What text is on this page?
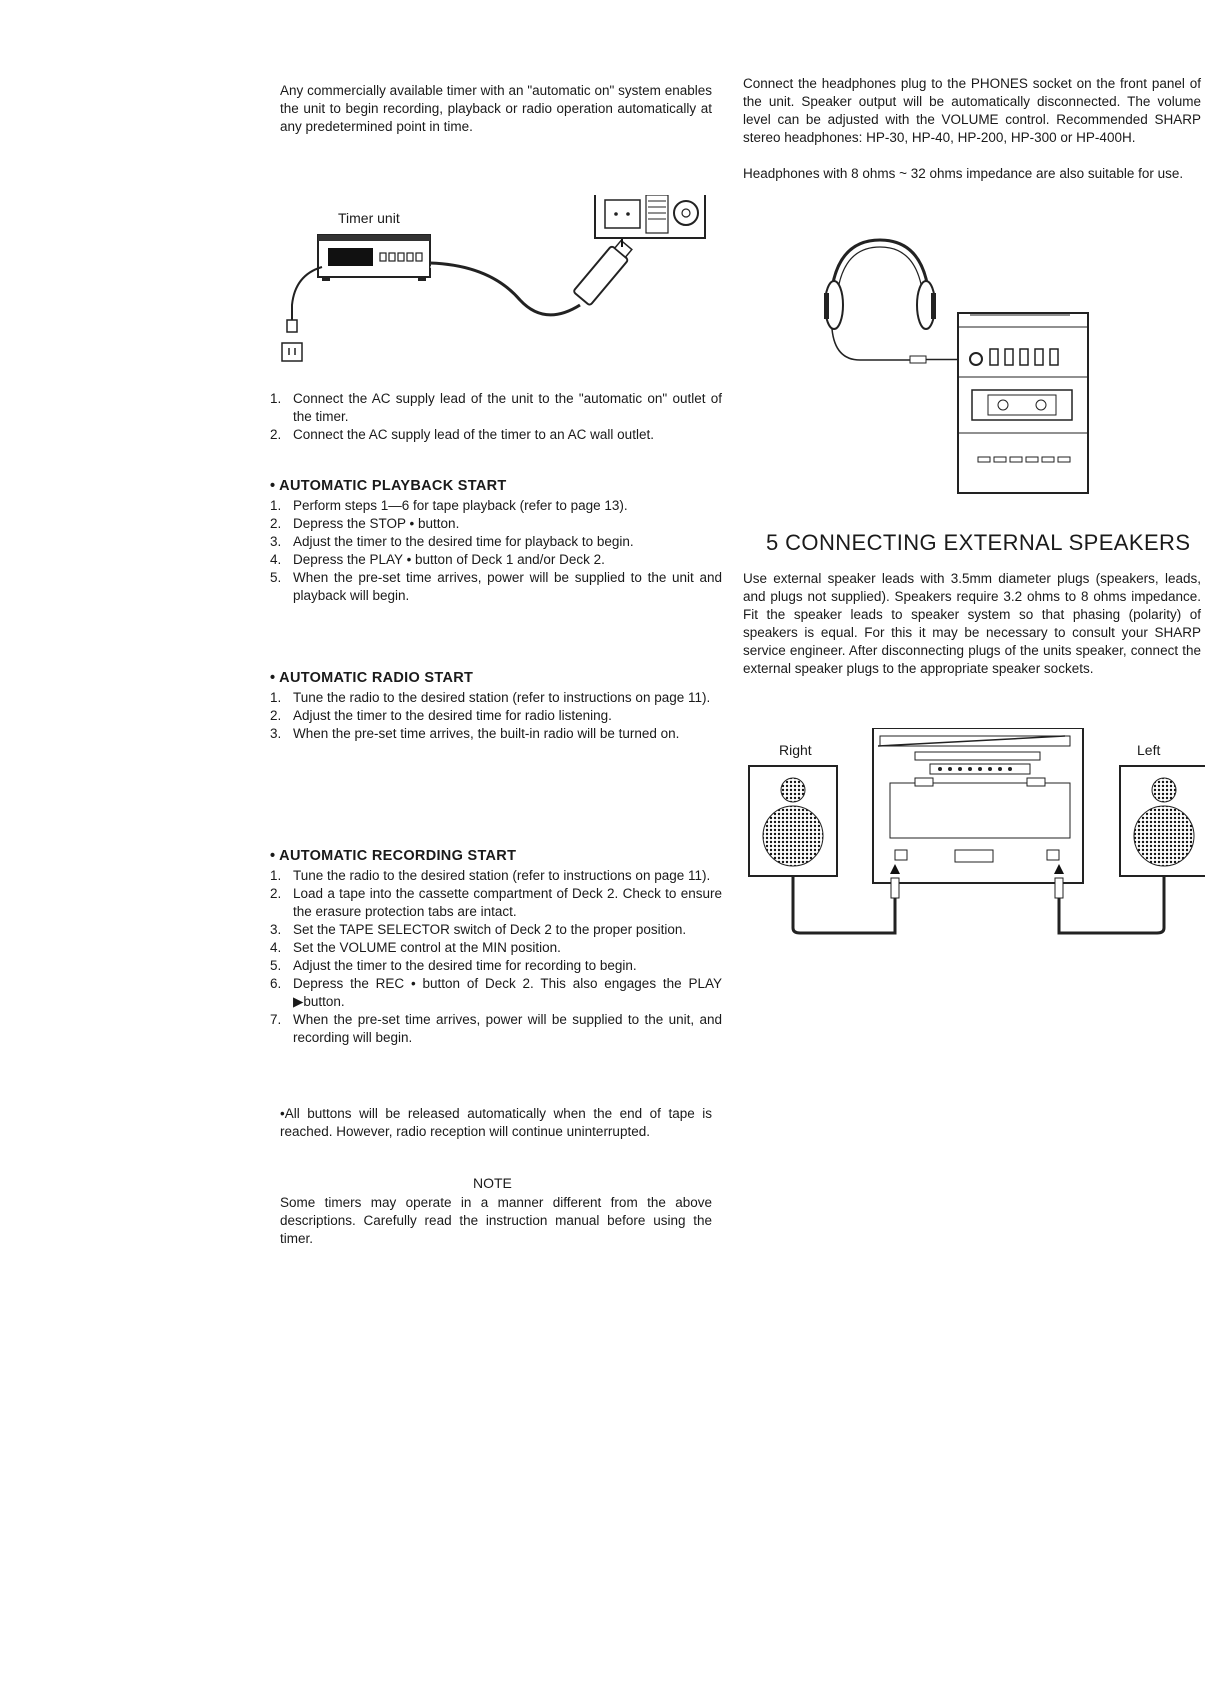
Any commercially available timer with an "automatic on" system enables the unit to begin recording, playback or radio operation automatically at any predetermined point in time.
Timer unit
1. Connect the AC supply lead of the unit to the "automatic on" outlet of the timer.
2. Connect the AC supply lead of the timer to an AC wall outlet.
• AUTOMATIC PLAYBACK START
1. Perform steps 1—6 for tape playback (refer to page 13).
2. Depress the STOP • button.
3. Adjust the timer to the desired time for playback to begin.
4. Depress the PLAY • button of Deck 1 and/or Deck 2.
5. When the pre-set time arrives, power will be supplied to the unit and playback will begin.
• AUTOMATIC RADIO START
1. Tune the radio to the desired station (refer to instructions on page 11).
2. Adjust the timer to the desired time for radio listening.
3. When the pre-set time arrives, the built-in radio will be turned on.
• AUTOMATIC RECORDING START
1. Tune the radio to the desired station (refer to instructions on page 11).
2. Load a tape into the cassette compartment of Deck 2. Check to ensure the erasure protection tabs are intact.
3. Set the TAPE SELECTOR switch of Deck 2 to the proper position.
4. Set the VOLUME control at the MIN position.
5. Adjust the timer to the desired time for recording to begin.
6. Depress the REC • button of Deck 2. This also engages the PLAY ▶button.
7. When the pre-set time arrives, power will be supplied to the unit, and recording will begin.
•All buttons will be released automatically when the end of tape is reached. However, radio reception will continue uninterrupted.
NOTE
Some timers may operate in a manner different from the above descriptions. Carefully read the instruction manual before using the timer.
Connect the headphones plug to the PHONES socket on the front panel of the unit. Speaker output will be automatically disconnected. The volume level can be adjusted with the VOLUME control. Recommended SHARP stereo headphones: HP-30, HP-40, HP-200, HP-300 or HP-400H.
Headphones with 8 ohms ~ 32 ohms impedance are also suitable for use.
5 CONNECTING EXTERNAL SPEAKERS
Use external speaker leads with 3.5mm diameter plugs (speakers, leads, and plugs not supplied). Speakers require 3.2 ohms to 8 ohms impedance. Fit the speaker leads to speaker system so that phasing (polarity) of speakers is equal. For this it may be necessary to consult your SHARP service engineer. After disconnecting plugs of the units speaker, connect the external speaker plugs to the appropriate speaker sockets.
Right	Left
